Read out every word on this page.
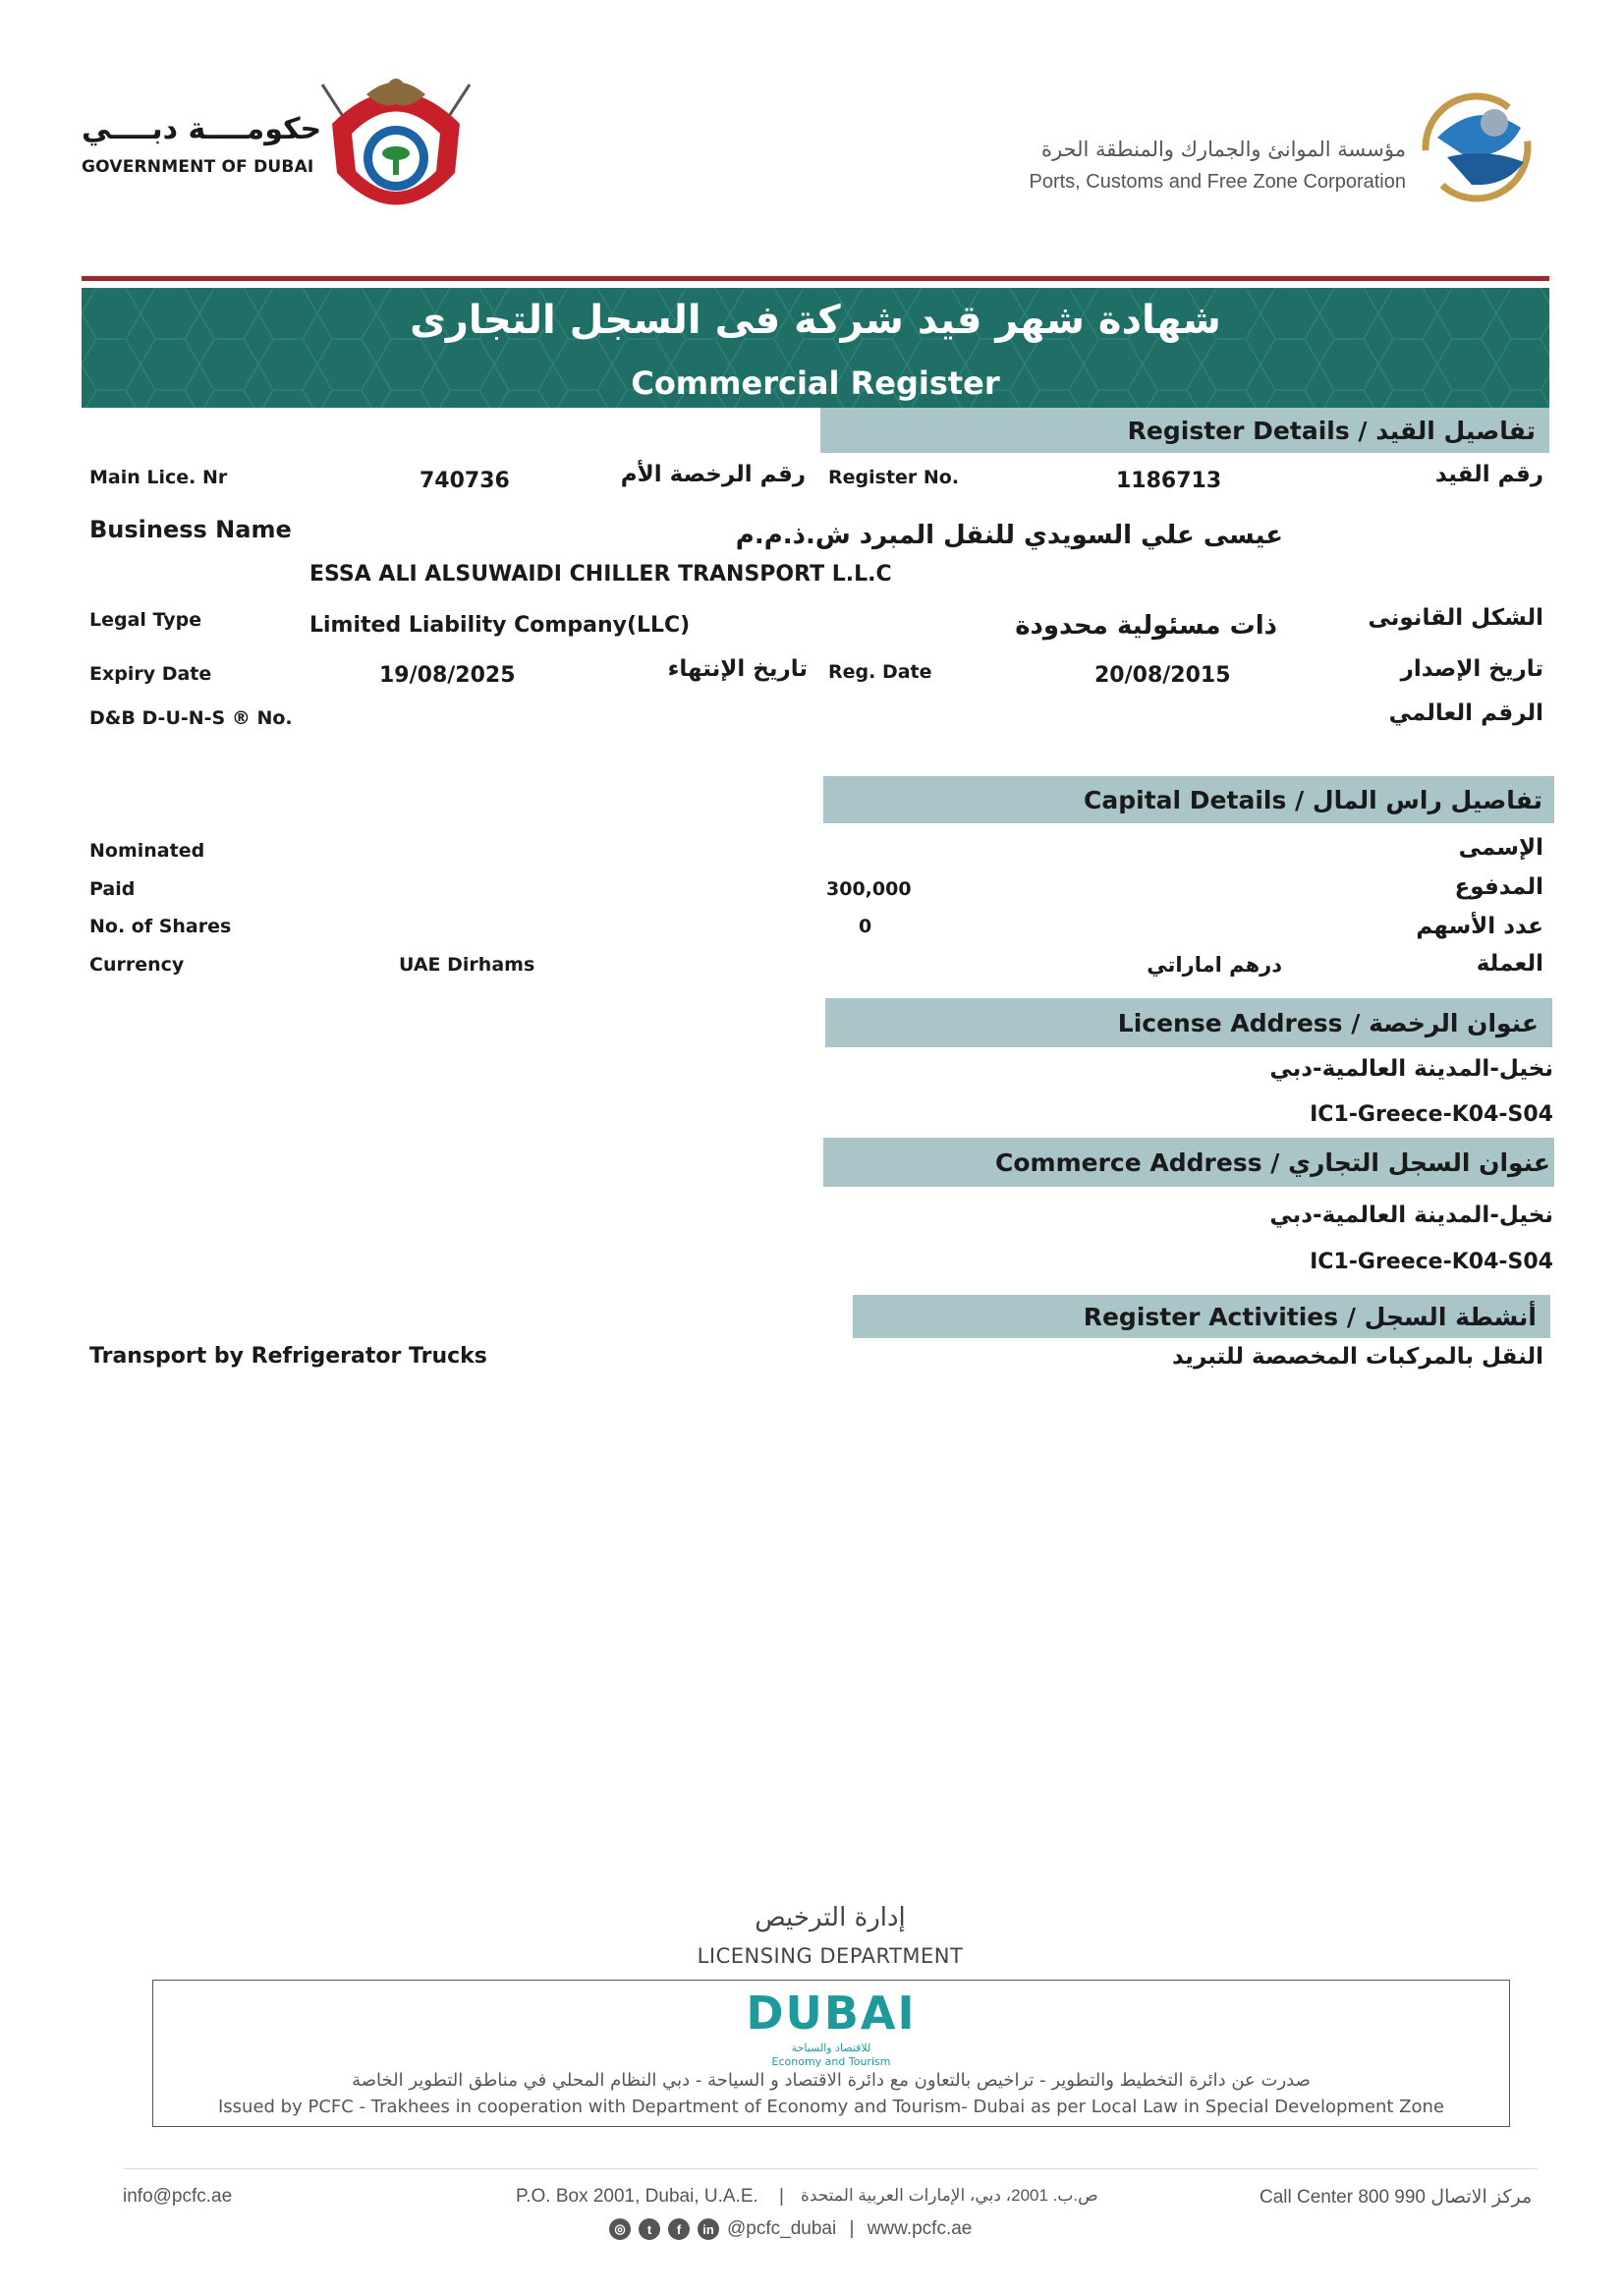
حكومــــة دبــــي
GOVERNMENT OF DUBAI
مؤسسة الموانئ والجمارك والمنطقة الحرة
Ports, Customs and Free Zone Corporation
شهادة شهر قيد شركة فى السجل التجارى
Commercial Register
Register Details / تفاصيل القيد
Main Lice. Nr	740736	رقم الرخصة الأم Register No.	1186713	رقم القيد
Business Name	عيسى علي السويدي للنقل المبرد ش.ذ.م.م
ESSA ALI ALSUWAIDI CHILLER TRANSPORT L.L.C
Legal Type	Limited Liability Company(LLC)	ذات مسئولية محدودة	الشكل القانونى
Expiry Date	19/08/2025	تاريخ الإنتهاء Reg. Date	20/08/2015	تاريخ الإصدار
D&B D-U-N-S ® No.	الرقم العالمي
Capital Details / تفاصيل راس المال
Nominated	الإسمى
Paid	300,000	المدفوع
No. of Shares	0	عدد الأسهم
Currency	UAE Dirhams	درهم اماراتي	العملة
License Address / عنوان الرخصة
نخيل-المدينة العالمية-دبي
IC1-Greece-K04-S04
Commerce Address / عنوان السجل التجاري
نخيل-المدينة العالمية-دبي
IC1-Greece-K04-S04
Register Activities / أنشطة السجل
Transport by Refrigerator Trucks	النقل بالمركبات المخصصة للتبريد
إدارة الترخيص
LICENSING DEPARTMENT
DUBAI
للاقتصاد والسياحة
Economy and Tourism
صدرت عن دائرة التخطيط والتطوير - تراخيص بالتعاون مع دائرة الاقتصاد و السياحة - دبي النظام المحلي في مناطق التطوير الخاصة
Issued by PCFC - Trakhees in cooperation with Department of Economy and Tourism- Dubai as per Local Law in Special Development Zone
info@pcfc.ae	P.O. Box 2001, Dubai, U.A.E. | ص.ب. 2001، دبي، الإمارات العربية المتحدة	Call Center 800 990 مركز الاتصال
◎	t	f	in @pcfc_dubai | www.pcfc.ae
